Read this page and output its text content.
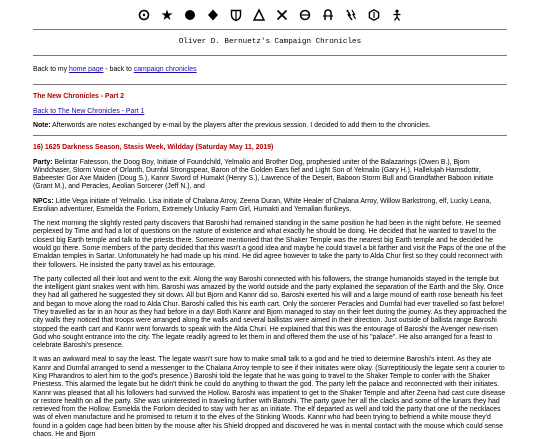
Oliver D. Bernuetz's Campaign Chronicles

Back to my home page - back to campaign chronicles

The New Chronicles - Part 2

Back to The New Chronicles - Part 1

Note: Afterwords are notes exchanged by e-mail by the players after the previous session. I decided to add them to the chronicles.

16) 1625 Darkness Season, Stasis Week, Wildday (Saturday May 11, 2019)

Party: Belintar Fatesson, the Doog Boy, Initiate of Foundchild, Yelmalio and Brother Dog, prophesied uniter of the Balazarings (Owen B.), Bjorn Windchaser, Storm Voice of Orlanth, Durnfal Strongspear, Baron of the Golden Ears fief and Light Son of Yelmalio (Gary H.), Hallelujah Hamsdottir, Babeester Gor Axe Maiden (Doug S.), Kannr Sword of Humakt (Henry S.), Lawrence of the Desert, Baboon Storm Bull and Grandfather Baboon initiate (Grant M.), and Peracles, Aeolian Sorcerer (Jeff N.), and

NPCs: Little Vega initiate of Yelmalio. Lisa initiate of Chalana Arroy, Zeena Duran, White Healer of Chalana Arroy, Willow Barkstrong, elf, Lucky Leana, Esrolian adventurer, Esmelda the Forlorn, Extremely Unlucky Farm Girl, Humakti and Yemalian flunkeys.

The next morning the slightly rested party discovers that Baroshi had remained standing in the same position he had been in the night before. He seemed perplexed by Time and had a lot of questions on the nature of existence and what exactly he should be doing. He decided that he wanted to travel to the closest big Earth temple and talk to the priests there. Someone mentioned that the Shaker Temple was the nearest big Earth temple and he decided he would go there. Some members of the party decided that this wasn't a good idea and maybe he could travel a bit farther and visit the Paps of the one of the Ernaldan temples in Sartar. Unfortunately he had made up his mind. He did agree however to take the party to Alda Chur first so they could reconnect with their followers. He insisted the party travel as his entourage.

The party collected all their loot and went to the exit. Along the way Baroshi connected with his followers, the strange humanoids stayed in the temple but the intelligent giant snakes went with him. Baroshi was amazed by the world outside and the party explained the separation of the Earth and the Sky. Once they had all gathered he suggested they sit down. All but Bjorn and Kannr did so. Baroshi exerted his will and a large mound of earth rose beneath his feet and began to move along the road to Alda Chur. Baroshi called this his earth cart. Only the sorcerer Peracles and Durnfal had ever travelled so fast before! They travelled as far in an hour as they had before in a day! Both Kannr and Bjorn managed to stay on their feet during the journey. As they approached the city walls they noticed that troops were arranged along the walls and several ballistas were aimed in their direction. Just outside of ballista range Baroshi stopped the earth cart and Kannr went forwards to speak with the Alda Churi. He explained that this was the entourage of Baroshi the Avenger new-risen God who sought entrance into the city. The legate readily agreed to let them in and offered them the use of his "palace". He also arranged for a feast to celebrate Baroshi's presence.

It was an awkward meal to say the least. The legate wasn't sure how to make small talk to a god and he tried to determine Baroshi's intent. As they ate Kannr and Durnfal arranged to send a messenger to the Chalana Arroy temple to see if their initiates were okay. (Surreptitiously the legate sent a courier to King Pharandros to alert him to the god's presence.) Baroshi told the legate that he was going to travel to the Shaker Temple to confer with the Shaker Priestess. This alarmed the legate but he didn't think he could do anything to thwart the god. The party left the palace and reconnected with their initiates. Kannr was pleased that all his followers had survived the Hollow. Baroshi was impatient to get to the Shaker Temple and after Zeena had cast cure disease or restore health on all the party. She was uninterested in traveling further with Baroshi. The party gave her all the clacks and some of the lunars they had retrieved from the Hollow. Esmelda the Forlorn decided to stay with her as an initiate. The elf departed as well and told the party that one of the necklaces was of elven manufacture and he promised to return it to the elves of the Stinking Woods. Kannr who had been trying to befriend a white mouse they'd found in a golden cage had been bitten by the mouse after his Shield dropped and discovered he was in mental contact with the mouse which could sense chaos. He and Bjorn
